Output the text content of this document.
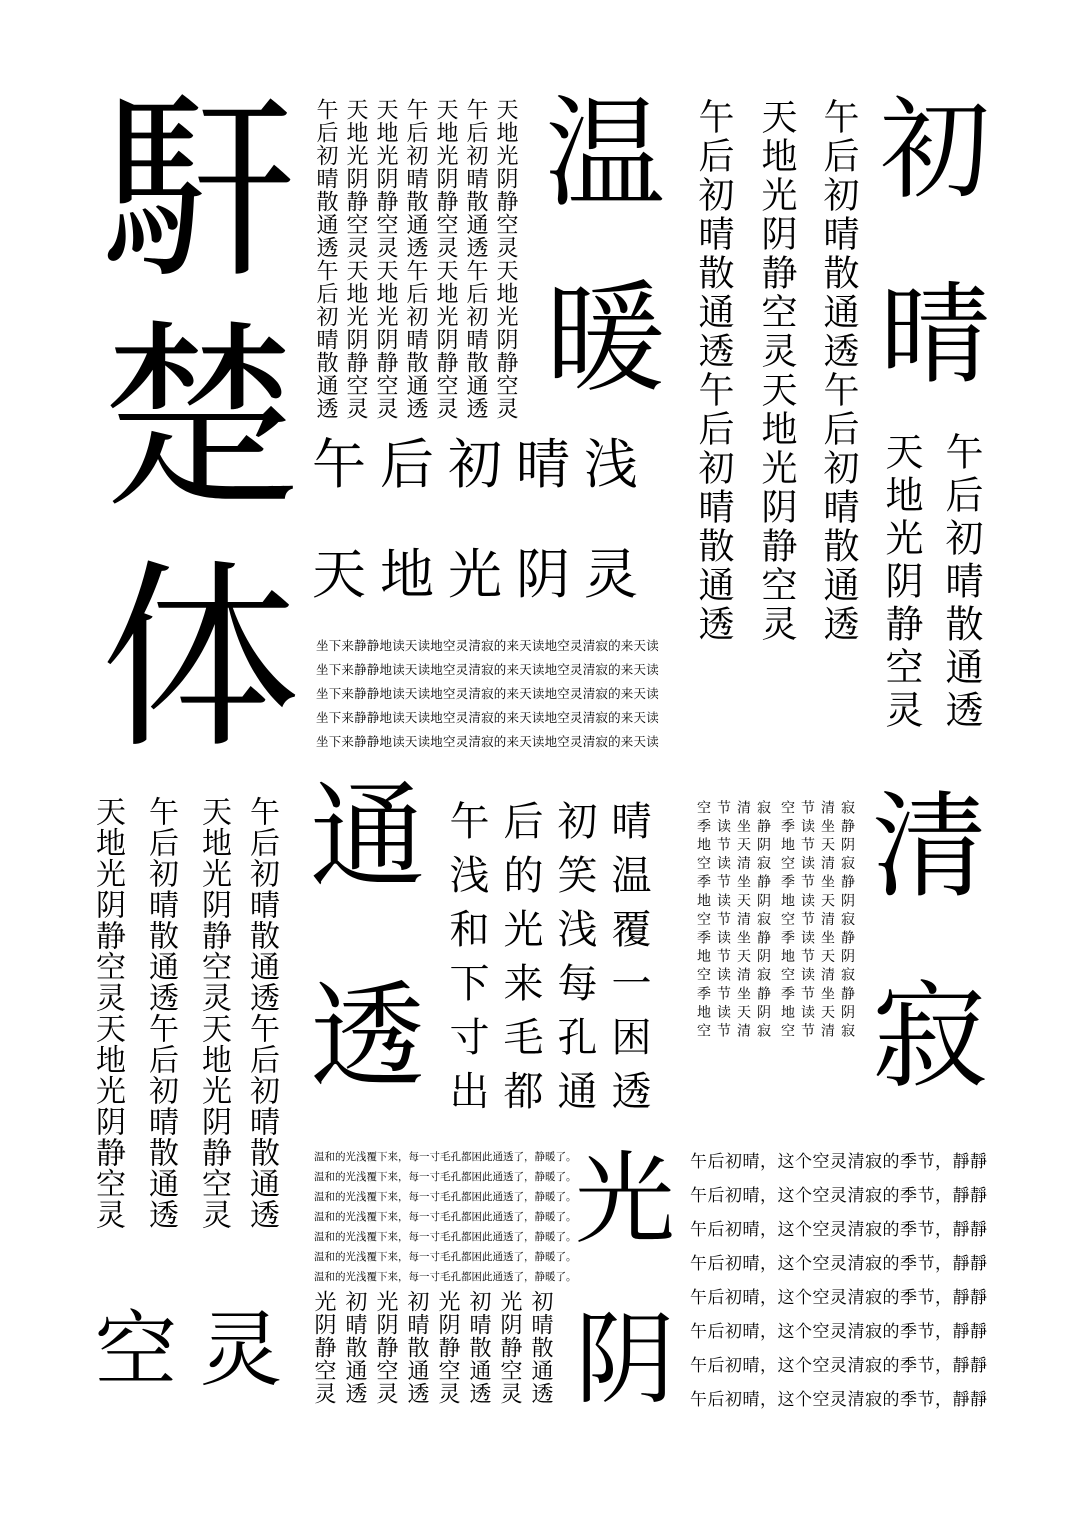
馯
楚
体
午后初晴散通透午后初晴散通透 天地光阴静空灵天地光阴静空灵 天地光阴静空灵天地光阴静空灵 午后初晴散通透午后初晴散通透 天地光阴静空灵天地光阴静空灵 午后初晴散通透午后初晴散通透 天地光阴静空灵天地光阴静空灵 温
暖 午后初晴散通透午后初晴散通透 天地光阴静空灵天地光阴静空灵 午后初晴散通透午后初晴散通透 初
晴
天地光阴静空灵 午后初晴散通透
午后初晴浅
天地光阴灵
坐下来静静地读天读地空灵清寂的来天读地空灵清寂的来天读
坐下来静静地读天读地空灵清寂的来天读地空灵清寂的来天读
坐下来静静地读天读地空灵清寂的来天读地空灵清寂的来天读
坐下来静静地读天读地空灵清寂的来天读地空灵清寂的来天读
坐下来静静地读天读地空灵清寂的来天读地空灵清寂的来天读
天地光阴静空灵天地光阴静空灵 午后初晴散通透午后初晴散通透 天地光阴静空灵天地光阴静空灵 午后初晴散通透午后初晴散通透
空 灵
通
透 午浅和下寸出 后的光来毛都 初笑浅每孔通 晴温覆一困透	空季地空季地空季地空季地空 节读节读节读节读节读节读节 清坐天清坐天清坐天清坐天清 寂静阴寂静阴寂静阴寂静阴寂 空季地空季地空季地空季地空 节读节读节读节读节读节读节 清坐天清坐天清坐天清坐天清 寂静阴寂静阴寂静阴寂静阴寂 清
寂
温和的光浅覆下来，每一寸毛孔都困此通透了，静暖了。
温和的光浅覆下来，每一寸毛孔都困此通透了，静暖了。
温和的光浅覆下来，每一寸毛孔都困此通透了，静暖了。
温和的光浅覆下来，每一寸毛孔都困此通透了，静暖了。
温和的光浅覆下来，每一寸毛孔都困此通透了，静暖了。
温和的光浅覆下来，每一寸毛孔都困此通透了，静暖了。
温和的光浅覆下来，每一寸毛孔都困此通透了，静暖了。
光阴静空灵 初晴散通透 光阴静空灵 初晴散通透 光阴静空灵 初晴散通透 光阴静空灵 初晴散通透
光
阴
午后初晴，这个空灵清寂的季节，靜靜
午后初晴，这个空灵清寂的季节，靜靜
午后初晴，这个空灵清寂的季节，靜靜
午后初晴，这个空灵清寂的季节，靜靜
午后初晴，这个空灵清寂的季节，靜靜
午后初晴，这个空灵清寂的季节，靜靜
午后初晴，这个空灵清寂的季节，靜靜
午后初晴，这个空灵清寂的季节，靜靜
